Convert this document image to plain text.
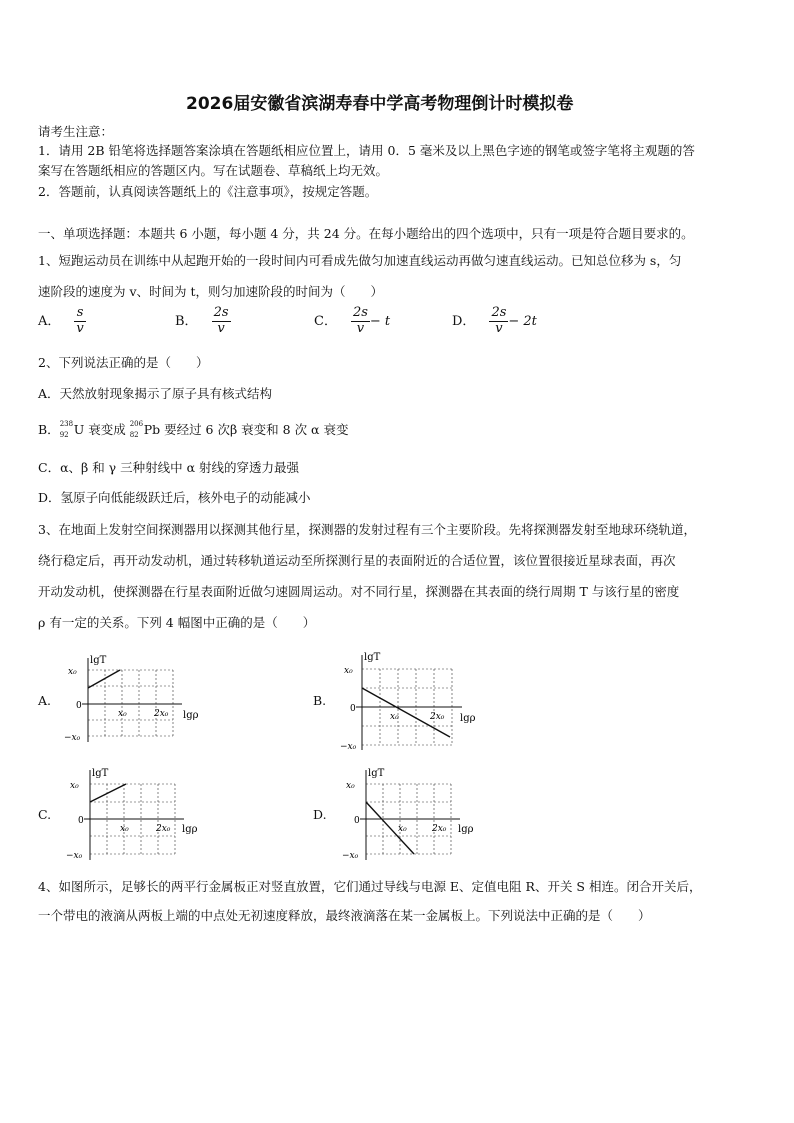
2026届安徽省滨湖寿春中学高考物理倒计时模拟卷
请考生注意：
1．请用 2B 铅笔将选择题答案涂填在答题纸相应位置上，请用 0．5 毫米及以上黑色字迹的钢笔或签字笔将主观题的答
案写在答题纸相应的答题区内。写在试题卷、草稿纸上均无效。
2．答题前，认真阅读答题纸上的《注意事项》，按规定答题。
一、单项选择题：本题共 6 小题，每小题 4 分，共 24 分。在每小题给出的四个选项中，只有一项是符合题目要求的。
1、短跑运动员在训练中从起跑开始的一段时间内可看成先做匀加速直线运动再做匀速直线运动。已知总位移为 s，匀
速阶段的速度为 v、时间为 t，则匀加速阶段的时间为（　　）
A． $\frac{s}{v}$	B． $\frac{2s}{v}$	C． $\frac{2s}{v} - t$	D． $\frac{2s}{v} - 2t$
2、下列说法正确的是（　　）
A．天然放射现象揭示了原子具有核式结构
B． 238
92 U 衰变成 206
82 Pb 要经过 6 次β 衰变和 8 次 α 衰变
C．α、β 和 γ 三种射线中 α 射线的穿透力最强
D．氢原子向低能级跃迁后，核外电子的动能减小
3、在地面上发射空间探测器用以探测其他行星，探测器的发射过程有三个主要阶段。先将探测器发射至地球环绕轨道，
绕行稳定后，再开动发动机，通过转移轨道运动至所探测行星的表面附近的合适位置，该位置很接近星球表面，再次
开动发动机，使探测器在行星表面附近做匀速圆周运动。对不同行星，探测器在其表面的绕行周期 T 与该行星的密度
ρ 有一定的关系。下列 4 幅图中正确的是（　　）
A.
lgT
lgρ
x₀
0
−x₀
x₀	2x₀
B.
lgT
lgρ
x₀
0
−x₀
x₀	2x₀
C.
lgT
lgρ
x₀
0
−x₀
x₀	2x₀
D.
lgT
lgρ
x₀
0
−x₀
x₀	2x₀
4、如图所示，足够长的两平行金属板正对竖直放置，它们通过导线与电源 E、定值电阻 R、开关 S 相连。闭合开关后，
一个带电的液滴从两板上端的中点处无初速度释放，最终液滴落在某一金属板上。下列说法中正确的是（　　）
